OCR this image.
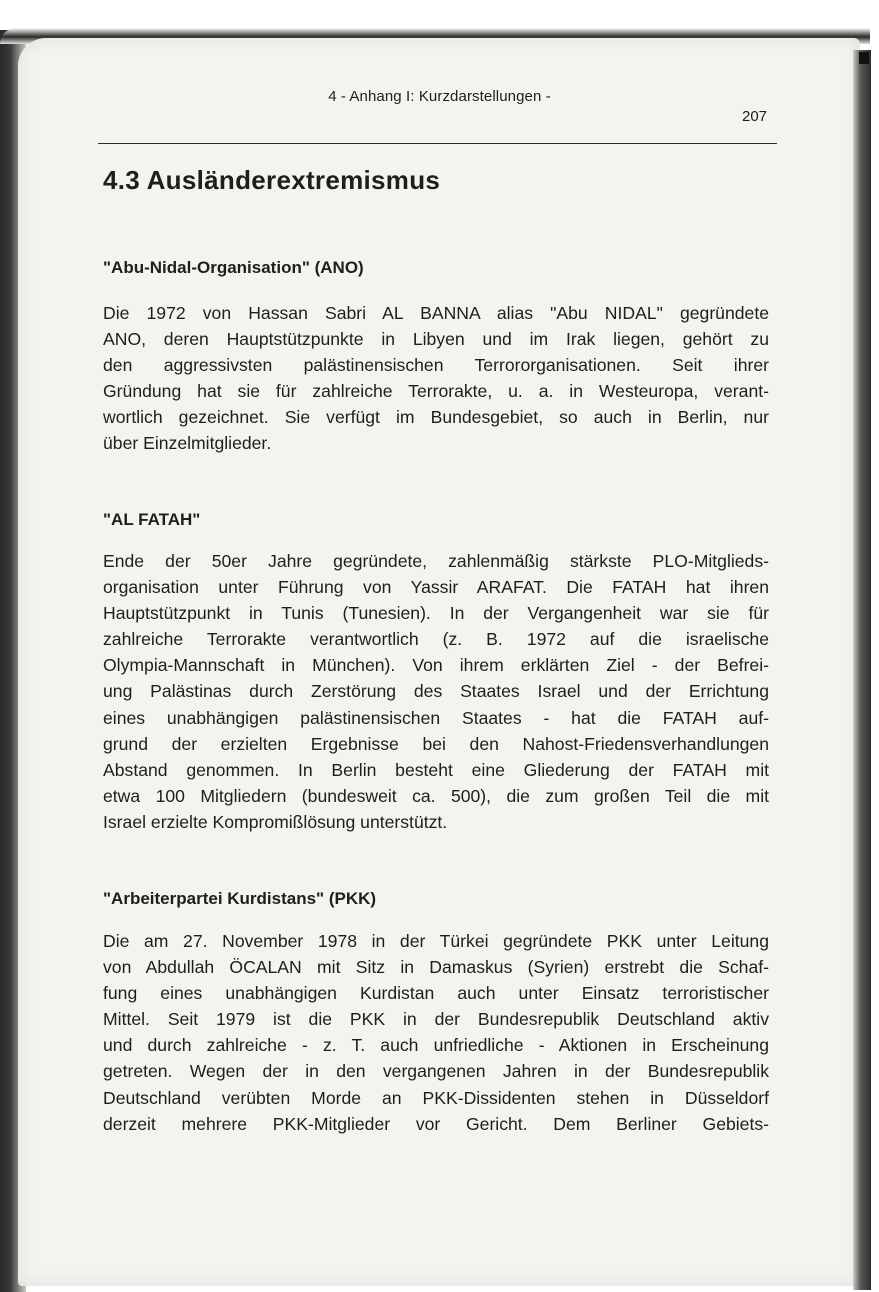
4 - Anhang I: Kurzdarstellungen -
207
4.3 Ausländerextremismus
"Abu-Nidal-Organisation" (ANO)
Die 1972 von Hassan Sabri AL BANNA alias "Abu NIDAL" gegründete
ANO, deren Hauptstützpunkte in Libyen und im Irak liegen, gehört zu
den aggressivsten palästinensischen Terrororganisationen. Seit ihrer
Gründung hat sie für zahlreiche Terrorakte, u. a. in Westeuropa, verant-
wortlich gezeichnet. Sie verfügt im Bundesgebiet, so auch in Berlin, nur
über Einzelmitglieder.
"AL FATAH"
Ende der 50er Jahre gegründete, zahlenmäßig stärkste PLO-Mitglieds-
organisation unter Führung von Yassir ARAFAT. Die FATAH hat ihren
Hauptstützpunkt in Tunis (Tunesien). In der Vergangenheit war sie für
zahlreiche Terrorakte verantwortlich (z. B. 1972 auf die israelische
Olympia-Mannschaft in München). Von ihrem erklärten Ziel - der Befrei-
ung Palästinas durch Zerstörung des Staates Israel und der Errichtung
eines unabhängigen palästinensischen Staates - hat die FATAH auf-
grund der erzielten Ergebnisse bei den Nahost-Friedensverhandlungen
Abstand genommen. In Berlin besteht eine Gliederung der FATAH mit
etwa 100 Mitgliedern (bundesweit ca. 500), die zum großen Teil die mit
Israel erzielte Kompromißlösung unterstützt.
"Arbeiterpartei Kurdistans" (PKK)
Die am 27. November 1978 in der Türkei gegründete PKK unter Leitung
von Abdullah ÖCALAN mit Sitz in Damaskus (Syrien) erstrebt die Schaf-
fung eines unabhängigen Kurdistan auch unter Einsatz terroristischer
Mittel. Seit 1979 ist die PKK in der Bundesrepublik Deutschland aktiv
und durch zahlreiche - z. T. auch unfriedliche - Aktionen in Erscheinung
getreten. Wegen der in den vergangenen Jahren in der Bundesrepublik
Deutschland verübten Morde an PKK-Dissidenten stehen in Düsseldorf
derzeit mehrere PKK-Mitglieder vor Gericht. Dem Berliner Gebiets-
